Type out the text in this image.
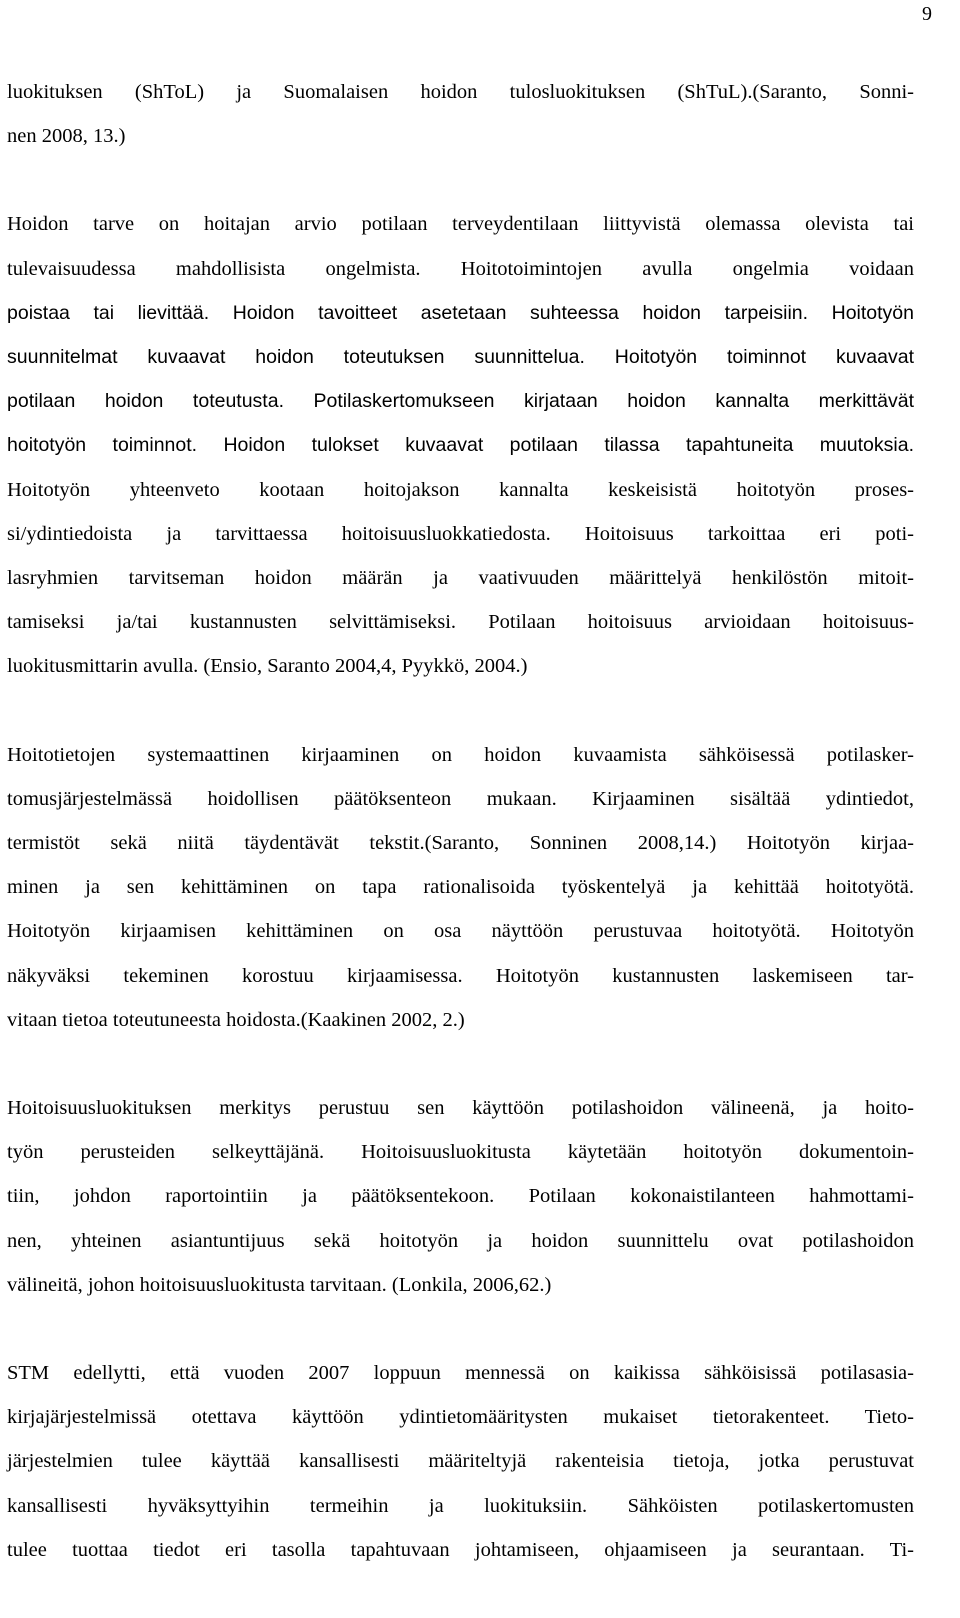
9
luokituksen (ShToL) ja Suomalaisen hoidon tulosluokituksen (ShTuL).(Saranto, Sonni-
nen 2008, 13.)
Hoidon tarve on hoitajan arvio potilaan terveydentilaan liittyvistä olemassa olevista tai
tulevaisuudessa mahdollisista ongelmista. Hoitotoimintojen avulla ongelmia voidaan
poistaa tai lievittää. Hoidon tavoitteet asetetaan suhteessa hoidon tarpeisiin. Hoitotyön
suunnitelmat kuvaavat hoidon toteutuksen suunnittelua. Hoitotyön toiminnot kuvaavat
potilaan hoidon toteutusta. Potilaskertomukseen kirjataan hoidon kannalta merkittävät
hoitotyön toiminnot. Hoidon tulokset kuvaavat potilaan tilassa tapahtuneita muutoksia.
Hoitotyön yhteenveto kootaan hoitojakson kannalta keskeisistä hoitotyön proses-
si/ydintiedoista ja tarvittaessa hoitoisuusluokkatiedosta. Hoitoisuus tarkoittaa eri poti-
lasryhmien tarvitseman hoidon määrän ja vaativuuden määrittelyä henkilöstön mitoit-
tamiseksi ja/tai kustannusten selvittämiseksi. Potilaan hoitoisuus arvioidaan hoitoisuus-
luokitusmittarin avulla. (Ensio, Saranto 2004,4, Pyykkö, 2004.)
Hoitotietojen systemaattinen kirjaaminen on hoidon kuvaamista sähköisessä potilasker-
tomusjärjestelmässä hoidollisen päätöksenteon mukaan. Kirjaaminen sisältää ydintiedot,
termistöt sekä niitä täydentävät tekstit.(Saranto, Sonninen 2008,14.) Hoitotyön kirjaa-
minen ja sen kehittäminen on tapa rationalisoida työskentelyä ja kehittää hoitotyötä.
Hoitotyön kirjaamisen kehittäminen on osa näyttöön perustuvaa hoitotyötä. Hoitotyön
näkyväksi tekeminen korostuu kirjaamisessa. Hoitotyön kustannusten laskemiseen tar-
vitaan tietoa toteutuneesta hoidosta.(Kaakinen 2002, 2.)
Hoitoisuusluokituksen merkitys perustuu sen käyttöön potilashoidon välineenä, ja hoito-
työn perusteiden selkeyttäjänä. Hoitoisuusluokitusta käytetään hoitotyön dokumentoin-
tiin, johdon raportointiin ja päätöksentekoon. Potilaan kokonaistilanteen hahmottami-
nen, yhteinen asiantuntijuus sekä hoitotyön ja hoidon suunnittelu ovat potilashoidon
välineitä, johon hoitoisuusluokitusta tarvitaan. (Lonkila, 2006,62.)
STM edellytti, että vuoden 2007 loppuun mennessä on kaikissa sähköisissä potilasasia-
kirjajärjestelmissä otettava käyttöön ydintietomääritysten mukaiset tietorakenteet. Tieto-
järjestelmien tulee käyttää kansallisesti määriteltyjä rakenteisia tietoja, jotka perustuvat
kansallisesti hyväksyttyihin termeihin ja luokituksiin. Sähköisten potilaskertomusten
tulee tuottaa tiedot eri tasolla tapahtuvaan johtamiseen, ohjaamiseen ja seurantaan. Ti-
